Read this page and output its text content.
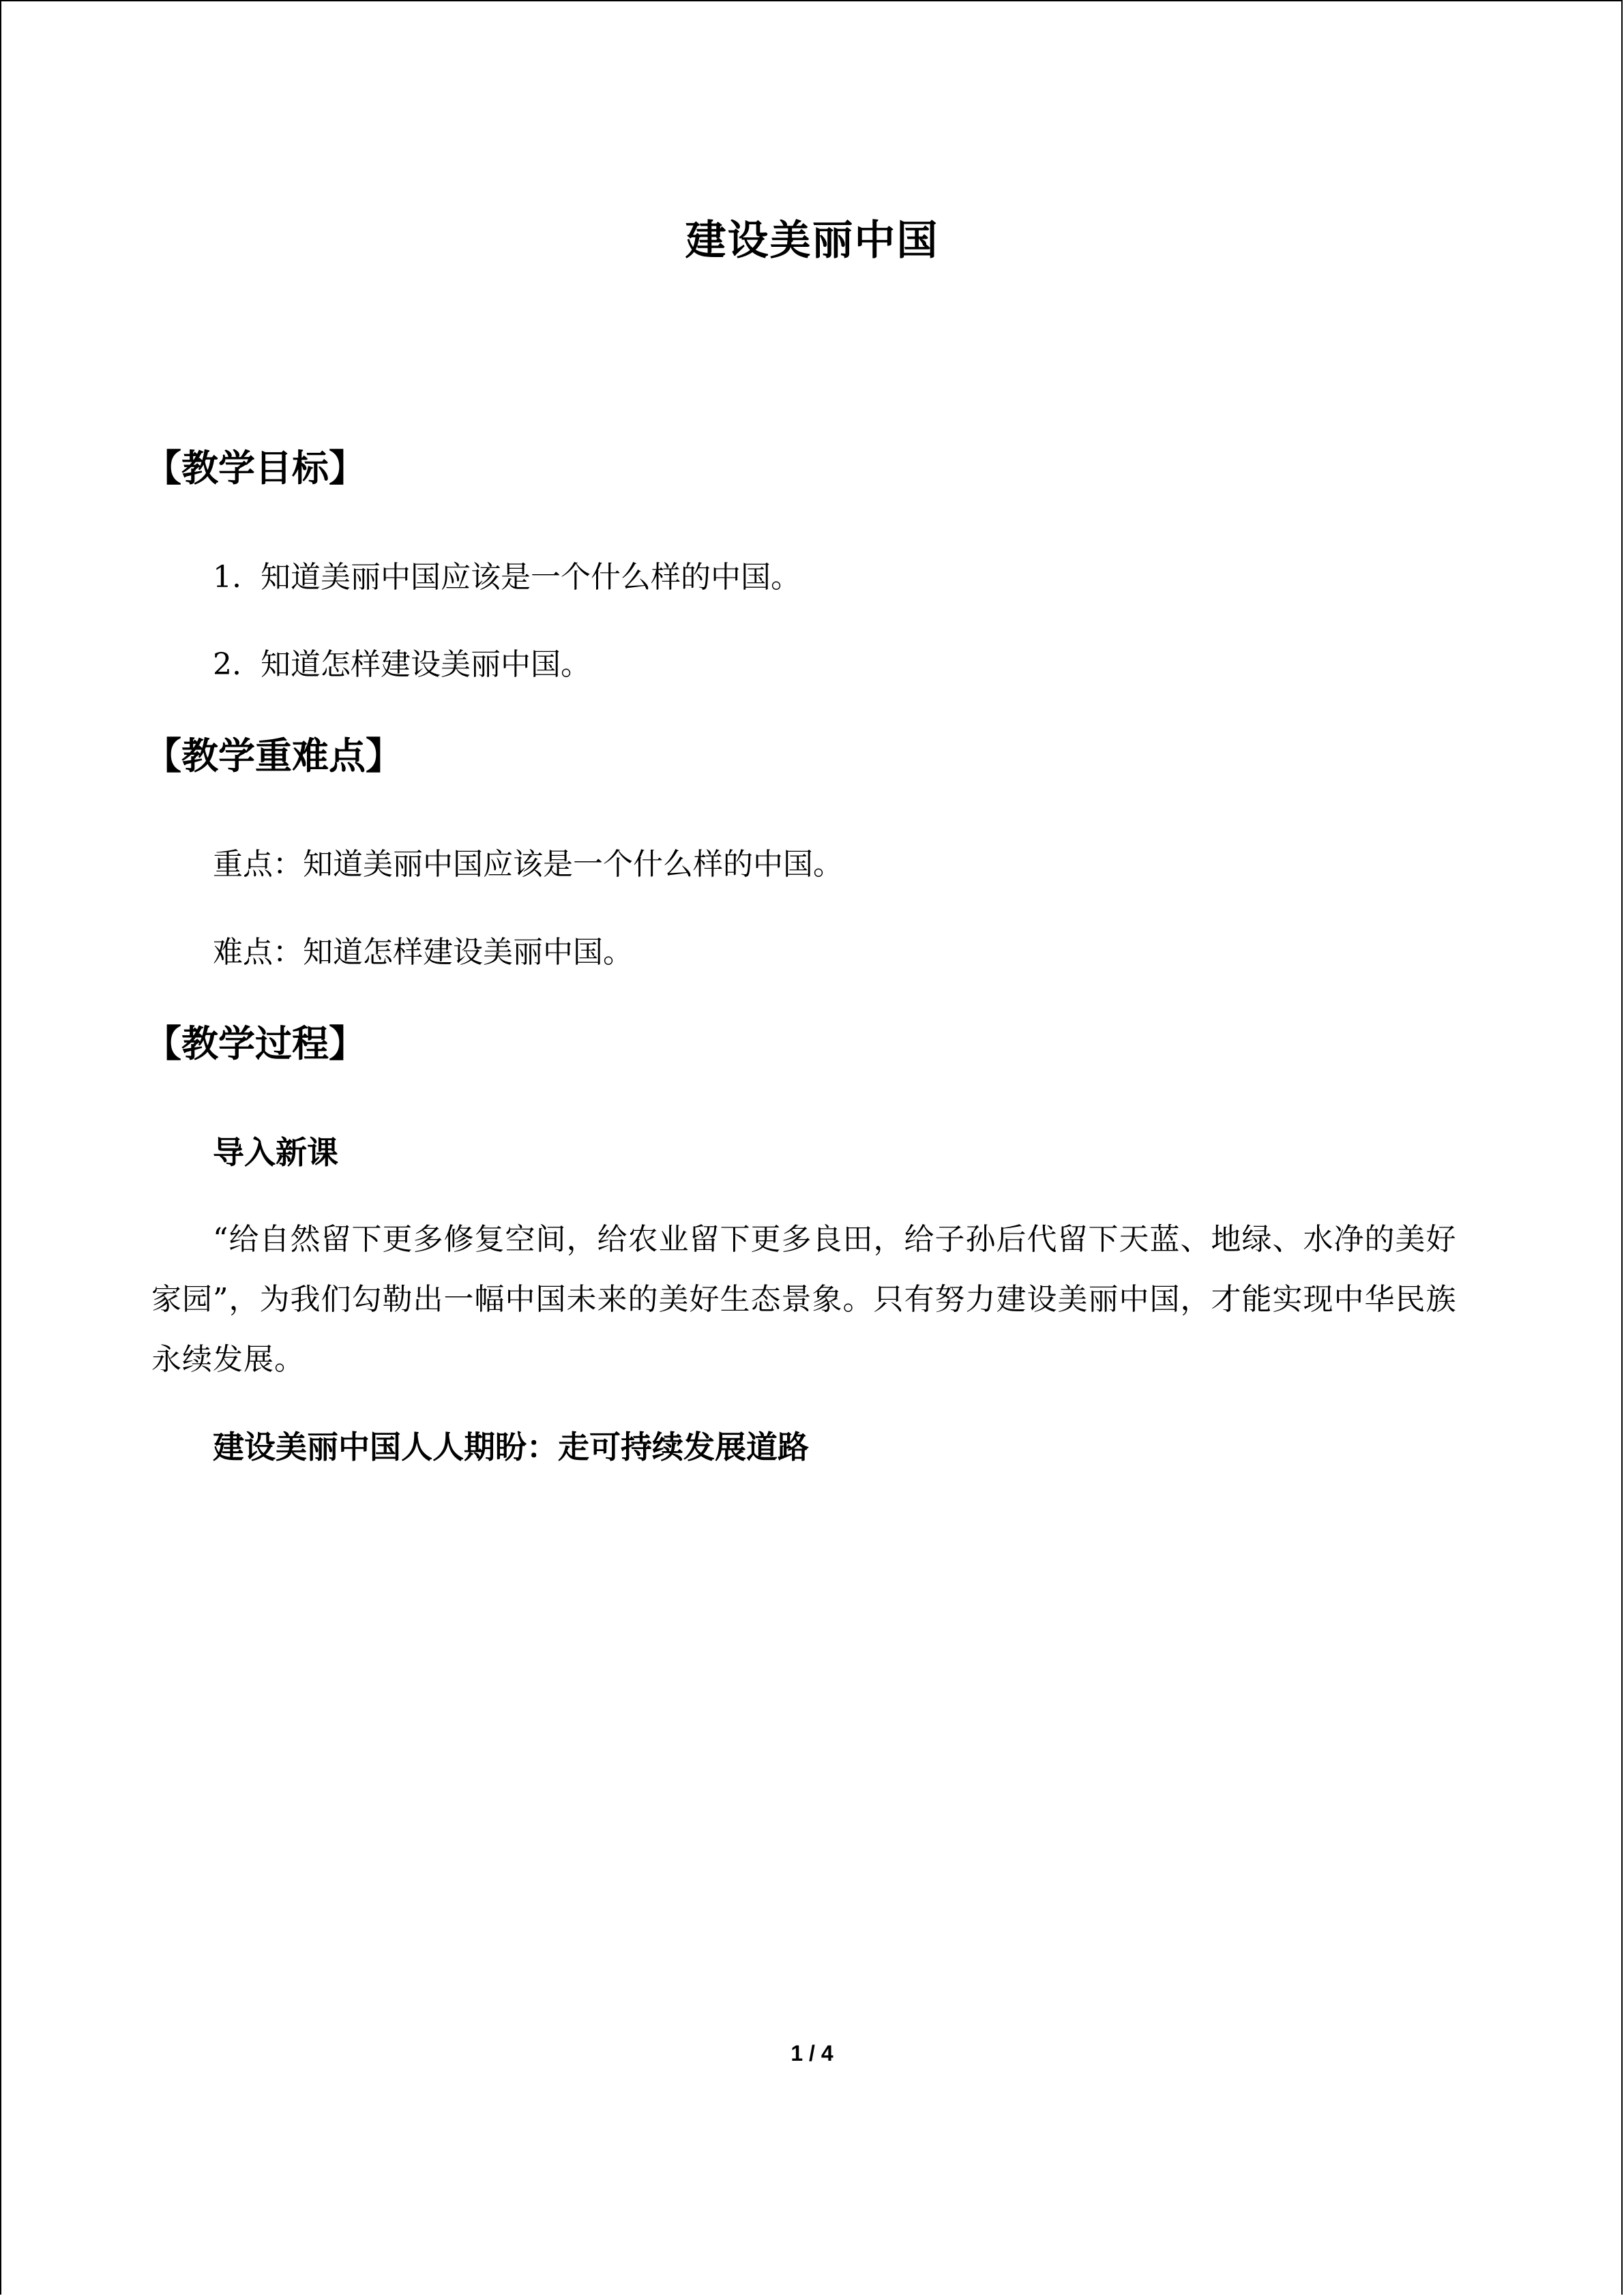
建设美丽中国
【教学目标】
1. 知道美丽中国应该是一个什么样的中国。
2. 知道怎样建设美丽中国。
【教学重难点】
重点：知道美丽中国应该是一个什么样的中国。
难点：知道怎样建设美丽中国。
【教学过程】
导入新课
“给自然留下更多修复空间，给农业留下更多良田，给子孙后代留下天蓝、地绿、水净的美好家园”，为我们勾勒出一幅中国未来的美好生态景象。只有努力建设美丽中国，才能实现中华民族永续发展。
建设美丽中国人人期盼：走可持续发展道路
1 / 4
